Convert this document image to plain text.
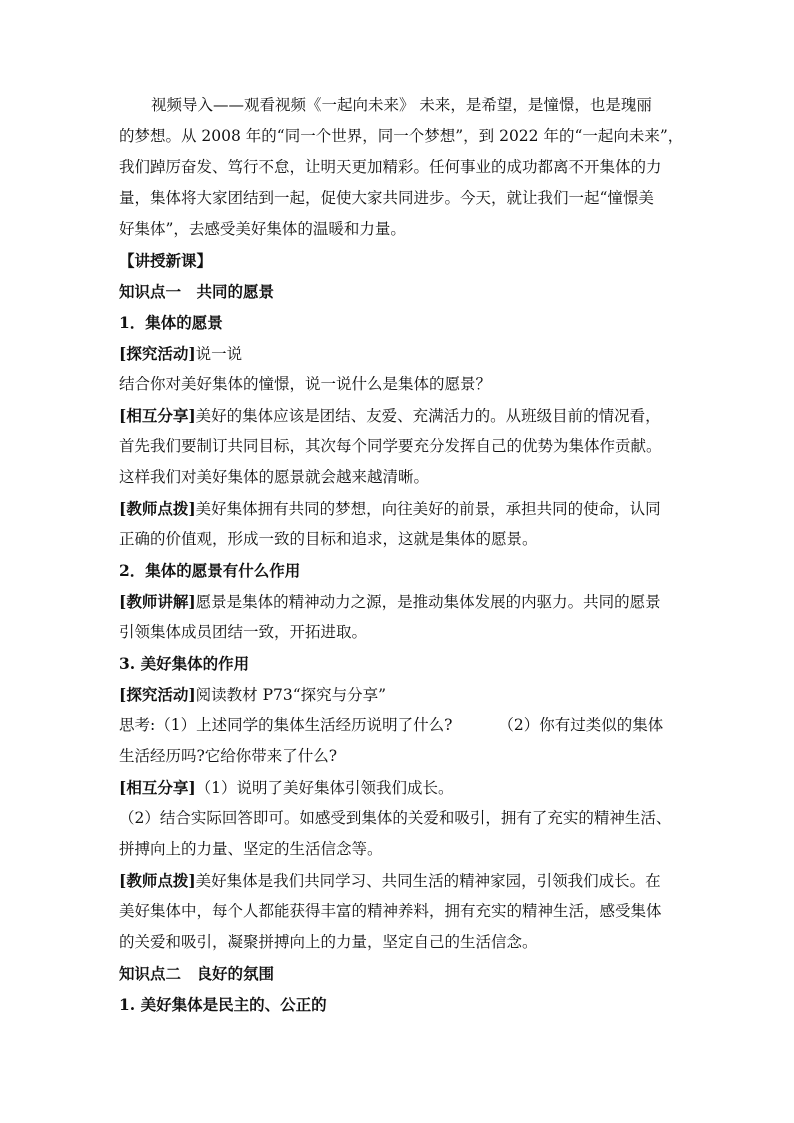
视频导入——观看视频《一起向未来》 未来，是希望，是憧憬，也是瑰丽
的梦想。从 2008 年的“同一个世界，同一个梦想”，到 2022 年的“一起向未来”，
我们踔厉奋发、笃行不怠，让明天更加精彩。任何事业的成功都离不开集体的力
量，集体将大家团结到一起，促使大家共同进步。今天，就让我们一起“憧憬美
好集体”，去感受美好集体的温暖和力量。
【讲授新课】
知识点一　共同的愿景
1．集体的愿景
[探究活动]说一说
结合你对美好集体的憧憬，说一说什么是集体的愿景？
[相互分享]美好的集体应该是团结、友爱、充满活力的。从班级目前的情况看，
首先我们要制订共同目标，其次每个同学要充分发挥自己的优势为集体作贡献。
这样我们对美好集体的愿景就会越来越清晰。
[教师点拨]美好集体拥有共同的梦想，向往美好的前景，承担共同的使命，认同
正确的价值观，形成一致的目标和追求，这就是集体的愿景。
2．集体的愿景有什么作用
[教师讲解]愿景是集体的精神动力之源，是推动集体发展的内驱力。共同的愿景
引领集体成员团结一致，开拓进取。
3. 美好集体的作用
[探究活动]阅读教材 P73“探究与分享”
思考:（1）上述同学的集体生活经历说明了什么?	（2）你有过类似的集体
生活经历吗?它给你带来了什么?
[相互分享]（1）说明了美好集体引领我们成长。
（2）结合实际回答即可。如感受到集体的关爱和吸引，拥有了充实的精神生活、
拼搏向上的力量、坚定的生活信念等。
[教师点拨]美好集体是我们共同学习、共同生活的精神家园，引领我们成长。在
美好集体中，每个人都能获得丰富的精神养料，拥有充实的精神生活，感受集体
的关爱和吸引，凝聚拼搏向上的力量，坚定自己的生活信念。
知识点二　良好的氛围
1. 美好集体是民主的、公正的
